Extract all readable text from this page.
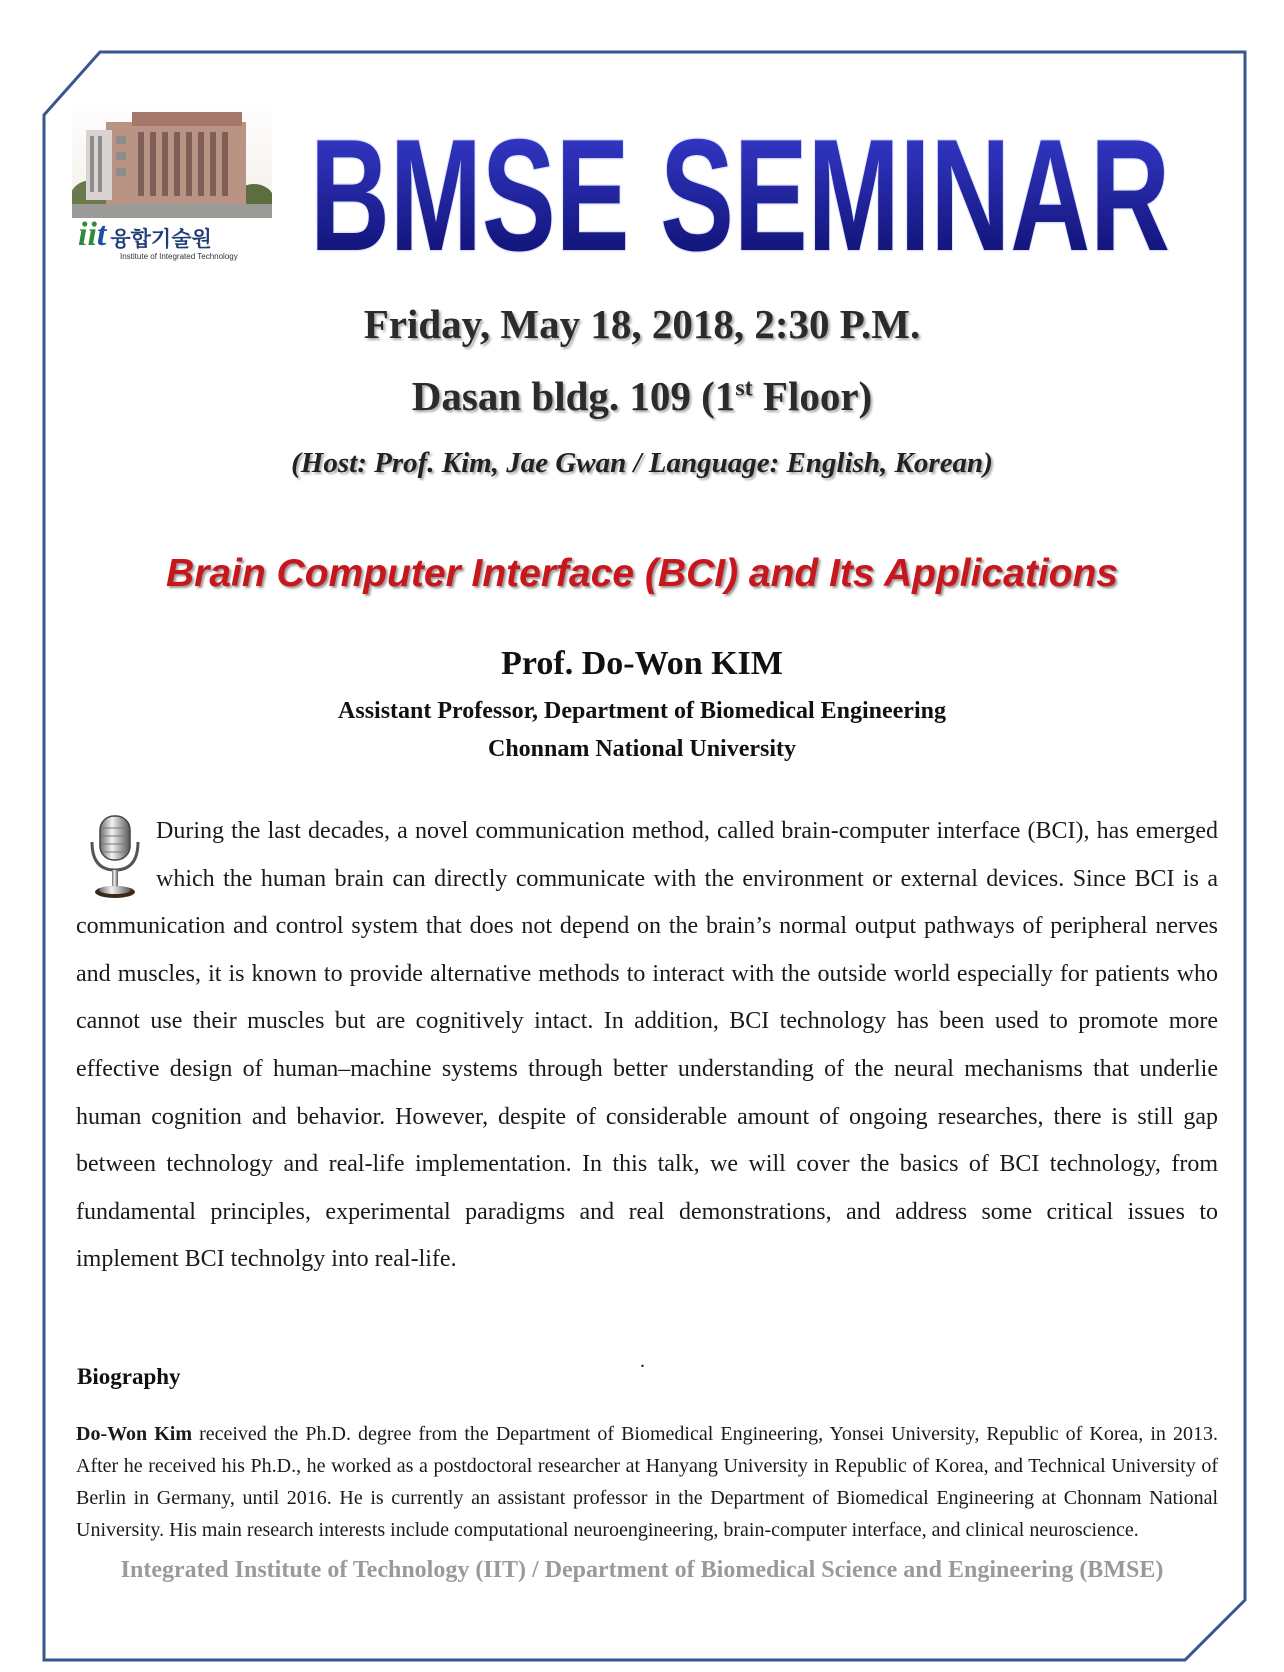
iit 융합기술원
Institute of Integrated Technology BMSE SEMINAR
Friday, May 18, 2018, 2:30 P.M.
Dasan bldg. 109 (1st Floor)
(Host: Prof. Kim, Jae Gwan / Language: English, Korean)
Brain Computer Interface (BCI) and Its Applications
Prof. Do-Won KIM
Assistant Professor, Department of Biomedical Engineering
Chonnam National University

During the last decades, a novel communication method, called brain-computer interface (BCI), has emerged which the human brain can directly communicate with the environment or external devices. Since BCI is a communication and control system that does not depend on the brain’s normal output pathways of peripheral nerves and muscles, it is known to provide alternative methods to interact with the outside world especially for patients who cannot use their muscles but are cognitively intact. In addition, BCI technology has been used to promote more effective design of human–machine systems through better understanding of the neural mechanisms that underlie human cognition and behavior. However, despite of considerable amount of ongoing researches, there is still gap between technology and real-life implementation. In this talk, we will cover the basics of BCI technology, from fundamental principles, experimental paradigms and real demonstrations, and address some critical issues to implement BCI technolgy into real-life.

.
Biography

Do-Won Kim received the Ph.D. degree from the Department of Biomedical Engineering, Yonsei University, Republic of Korea, in 2013. After he received his Ph.D., he worked as a postdoctoral researcher at Hanyang University in Republic of Korea, and Technical University of Berlin in Germany, until 2016. He is currently an assistant professor in the Department of Biomedical Engineering at Chonnam National University. His main research interests include computational neuroengineering, brain-computer interface, and clinical neuroscience.

Integrated Institute of Technology (IIT) / Department of Biomedical Science and Engineering (BMSE)
